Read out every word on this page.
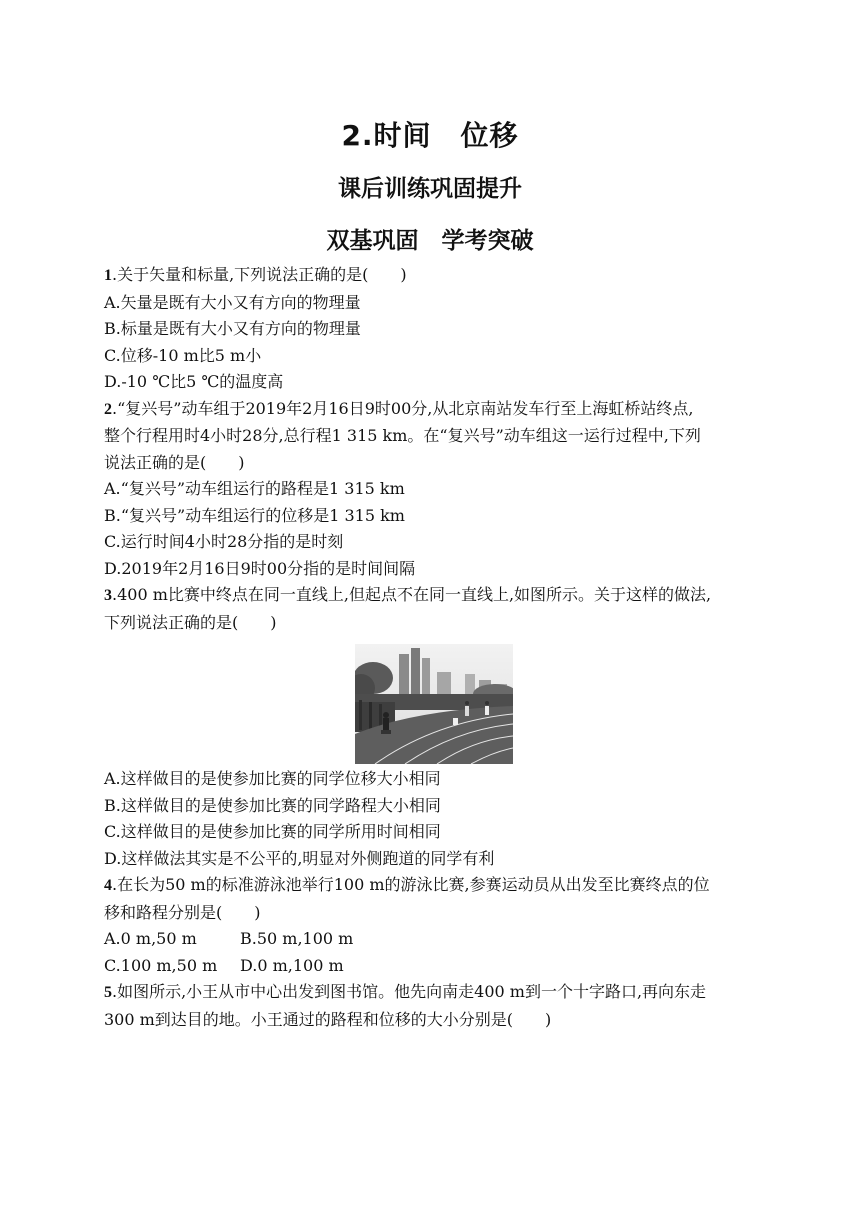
2.时间　位移
课后训练巩固提升
双基巩固　学考突破
1.关于矢量和标量,下列说法正确的是(　　)
A.矢量是既有大小又有方向的物理量
B.标量是既有大小又有方向的物理量
C.位移-10 m比5 m小
D.-10 ℃比5 ℃的温度高
2.“复兴号”动车组于2019年2月16日9时00分,从北京南站发车行至上海虹桥站终点,
整个行程用时4小时28分,总行程1 315 km。在“复兴号”动车组这一运行过程中,下列
说法正确的是(　　)
A.“复兴号”动车组运行的路程是1 315 km
B.“复兴号”动车组运行的位移是1 315 km
C.运行时间4小时28分指的是时刻
D.2019年2月16日9时00分指的是时间间隔
3.400 m比赛中终点在同一直线上,但起点不在同一直线上,如图所示。关于这样的做法,
下列说法正确的是(　　)
A.这样做目的是使参加比赛的同学位移大小相同
B.这样做目的是使参加比赛的同学路程大小相同
C.这样做目的是使参加比赛的同学所用时间相同
D.这样做法其实是不公平的,明显对外侧跑道的同学有利
4.在长为50 m的标准游泳池举行100 m的游泳比赛,参赛运动员从出发至比赛终点的位
移和路程分别是(　　)
A.0 m,50 m	B.50 m,100 m
C.100 m,50 m D.0 m,100 m
5.如图所示,小王从市中心出发到图书馆。他先向南走400 m到一个十字路口,再向东走
300 m到达目的地。小王通过的路程和位移的大小分别是(　　)
